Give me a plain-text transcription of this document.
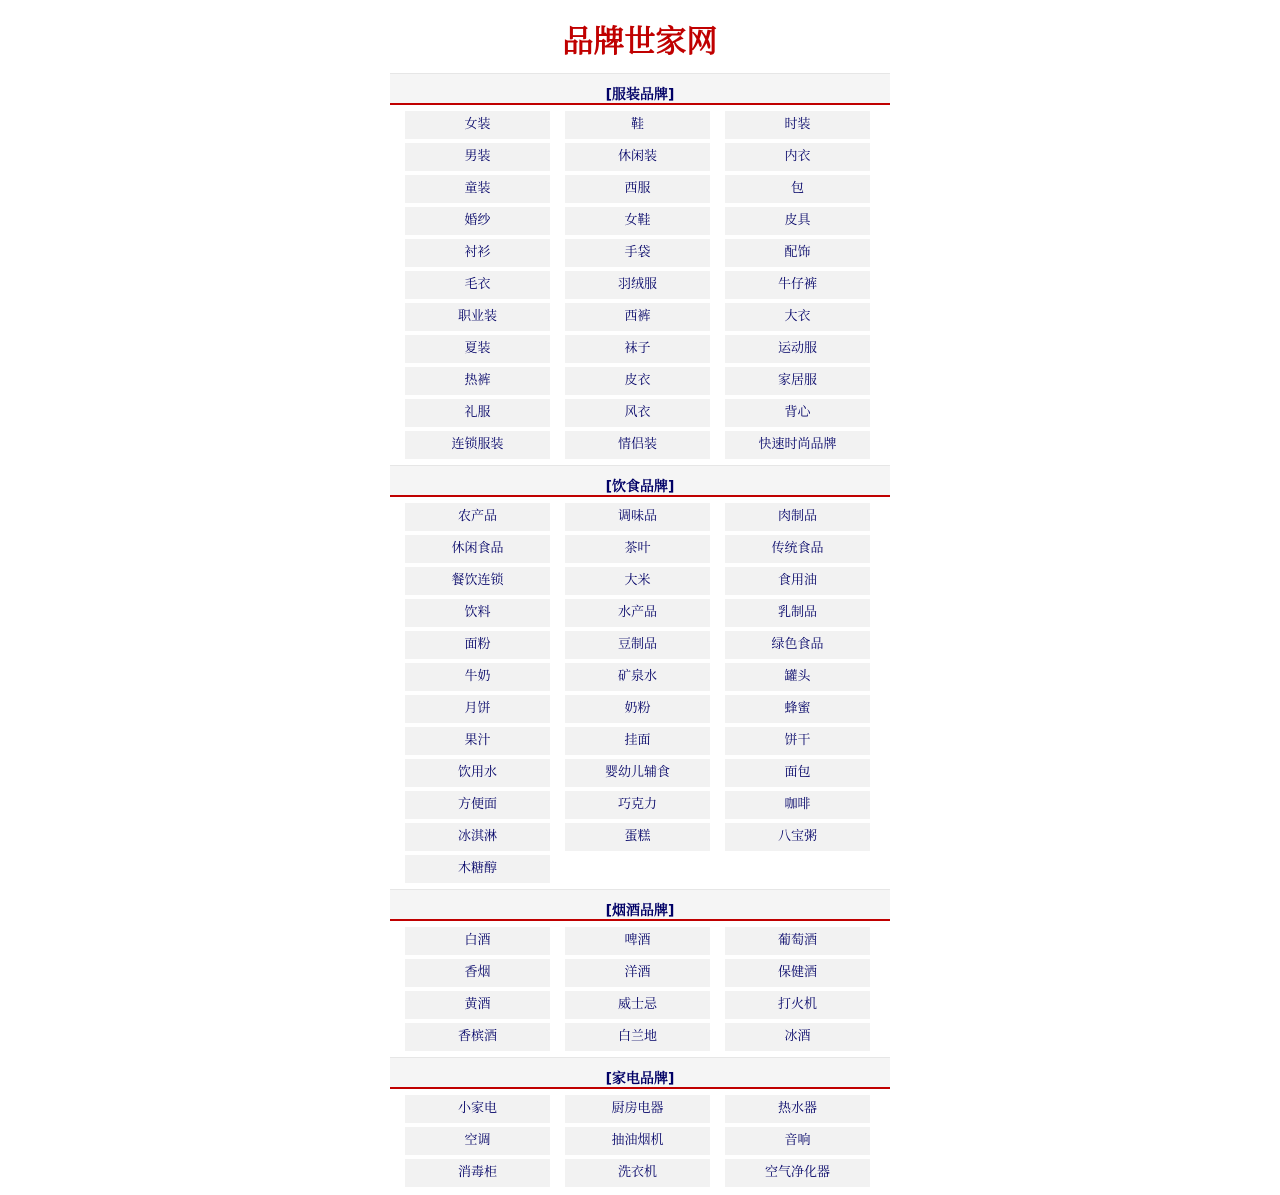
品牌世家网
[服装品牌]
女装	鞋	时装
男装	休闲装	内衣
童装	西服	包
婚纱	女鞋	皮具
衬衫	手袋	配饰
毛衣	羽绒服	牛仔裤
职业装	西裤	大衣
夏装	袜子	运动服
热裤	皮衣	家居服
礼服	风衣	背心
连锁服装	情侣装	快速时尚品牌
[饮食品牌]
农产品	调味品	肉制品
休闲食品	茶叶	传统食品
餐饮连锁	大米	食用油
饮料	水产品	乳制品
面粉	豆制品	绿色食品
牛奶	矿泉水	罐头
月饼	奶粉	蜂蜜
果汁	挂面	饼干
饮用水	婴幼儿辅食	面包
方便面	巧克力	咖啡
冰淇淋	蛋糕	八宝粥
木糖醇
[烟酒品牌]
白酒	啤酒	葡萄酒
香烟	洋酒	保健酒
黄酒	威士忌	打火机
香槟酒	白兰地	冰酒
[家电品牌]
小家电	厨房电器	热水器
空调	抽油烟机	音响
消毒柜	洗衣机	空气净化器
